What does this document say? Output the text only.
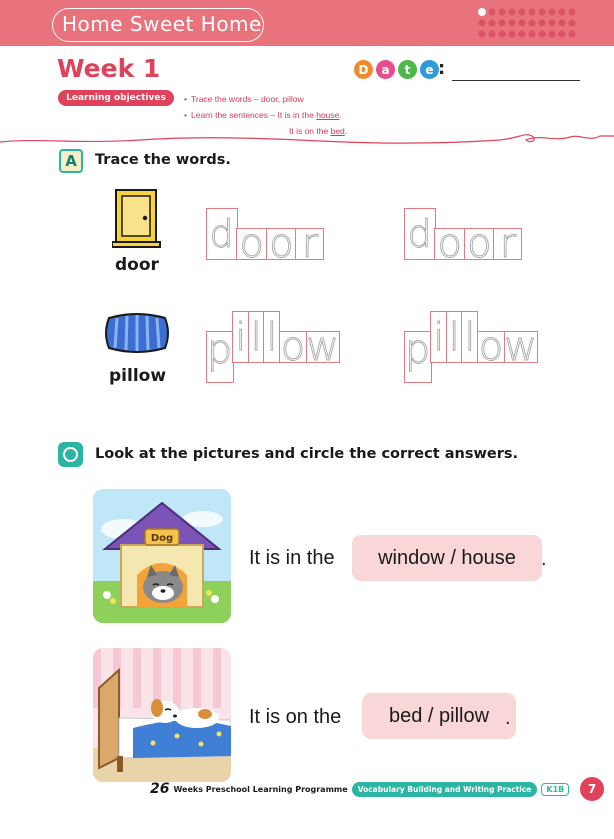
Home Sweet Home
Week 1	D	a	t	e :
Learning objectives	• Trace the words – door, pillow
• Learn the sentences – It is in the house.
It is on the bed.
A	Trace the words.
door
d o o r d o o r
pillow
p i l l o w p i l l o w
Look at the pictures and circle the correct answers.
Dog
It is in the	window / house	.
It is on the	bed / pillow .
26 Weeks Preschool Learning Programme	Vocabulary Building and Writing Practice	K1B	7
